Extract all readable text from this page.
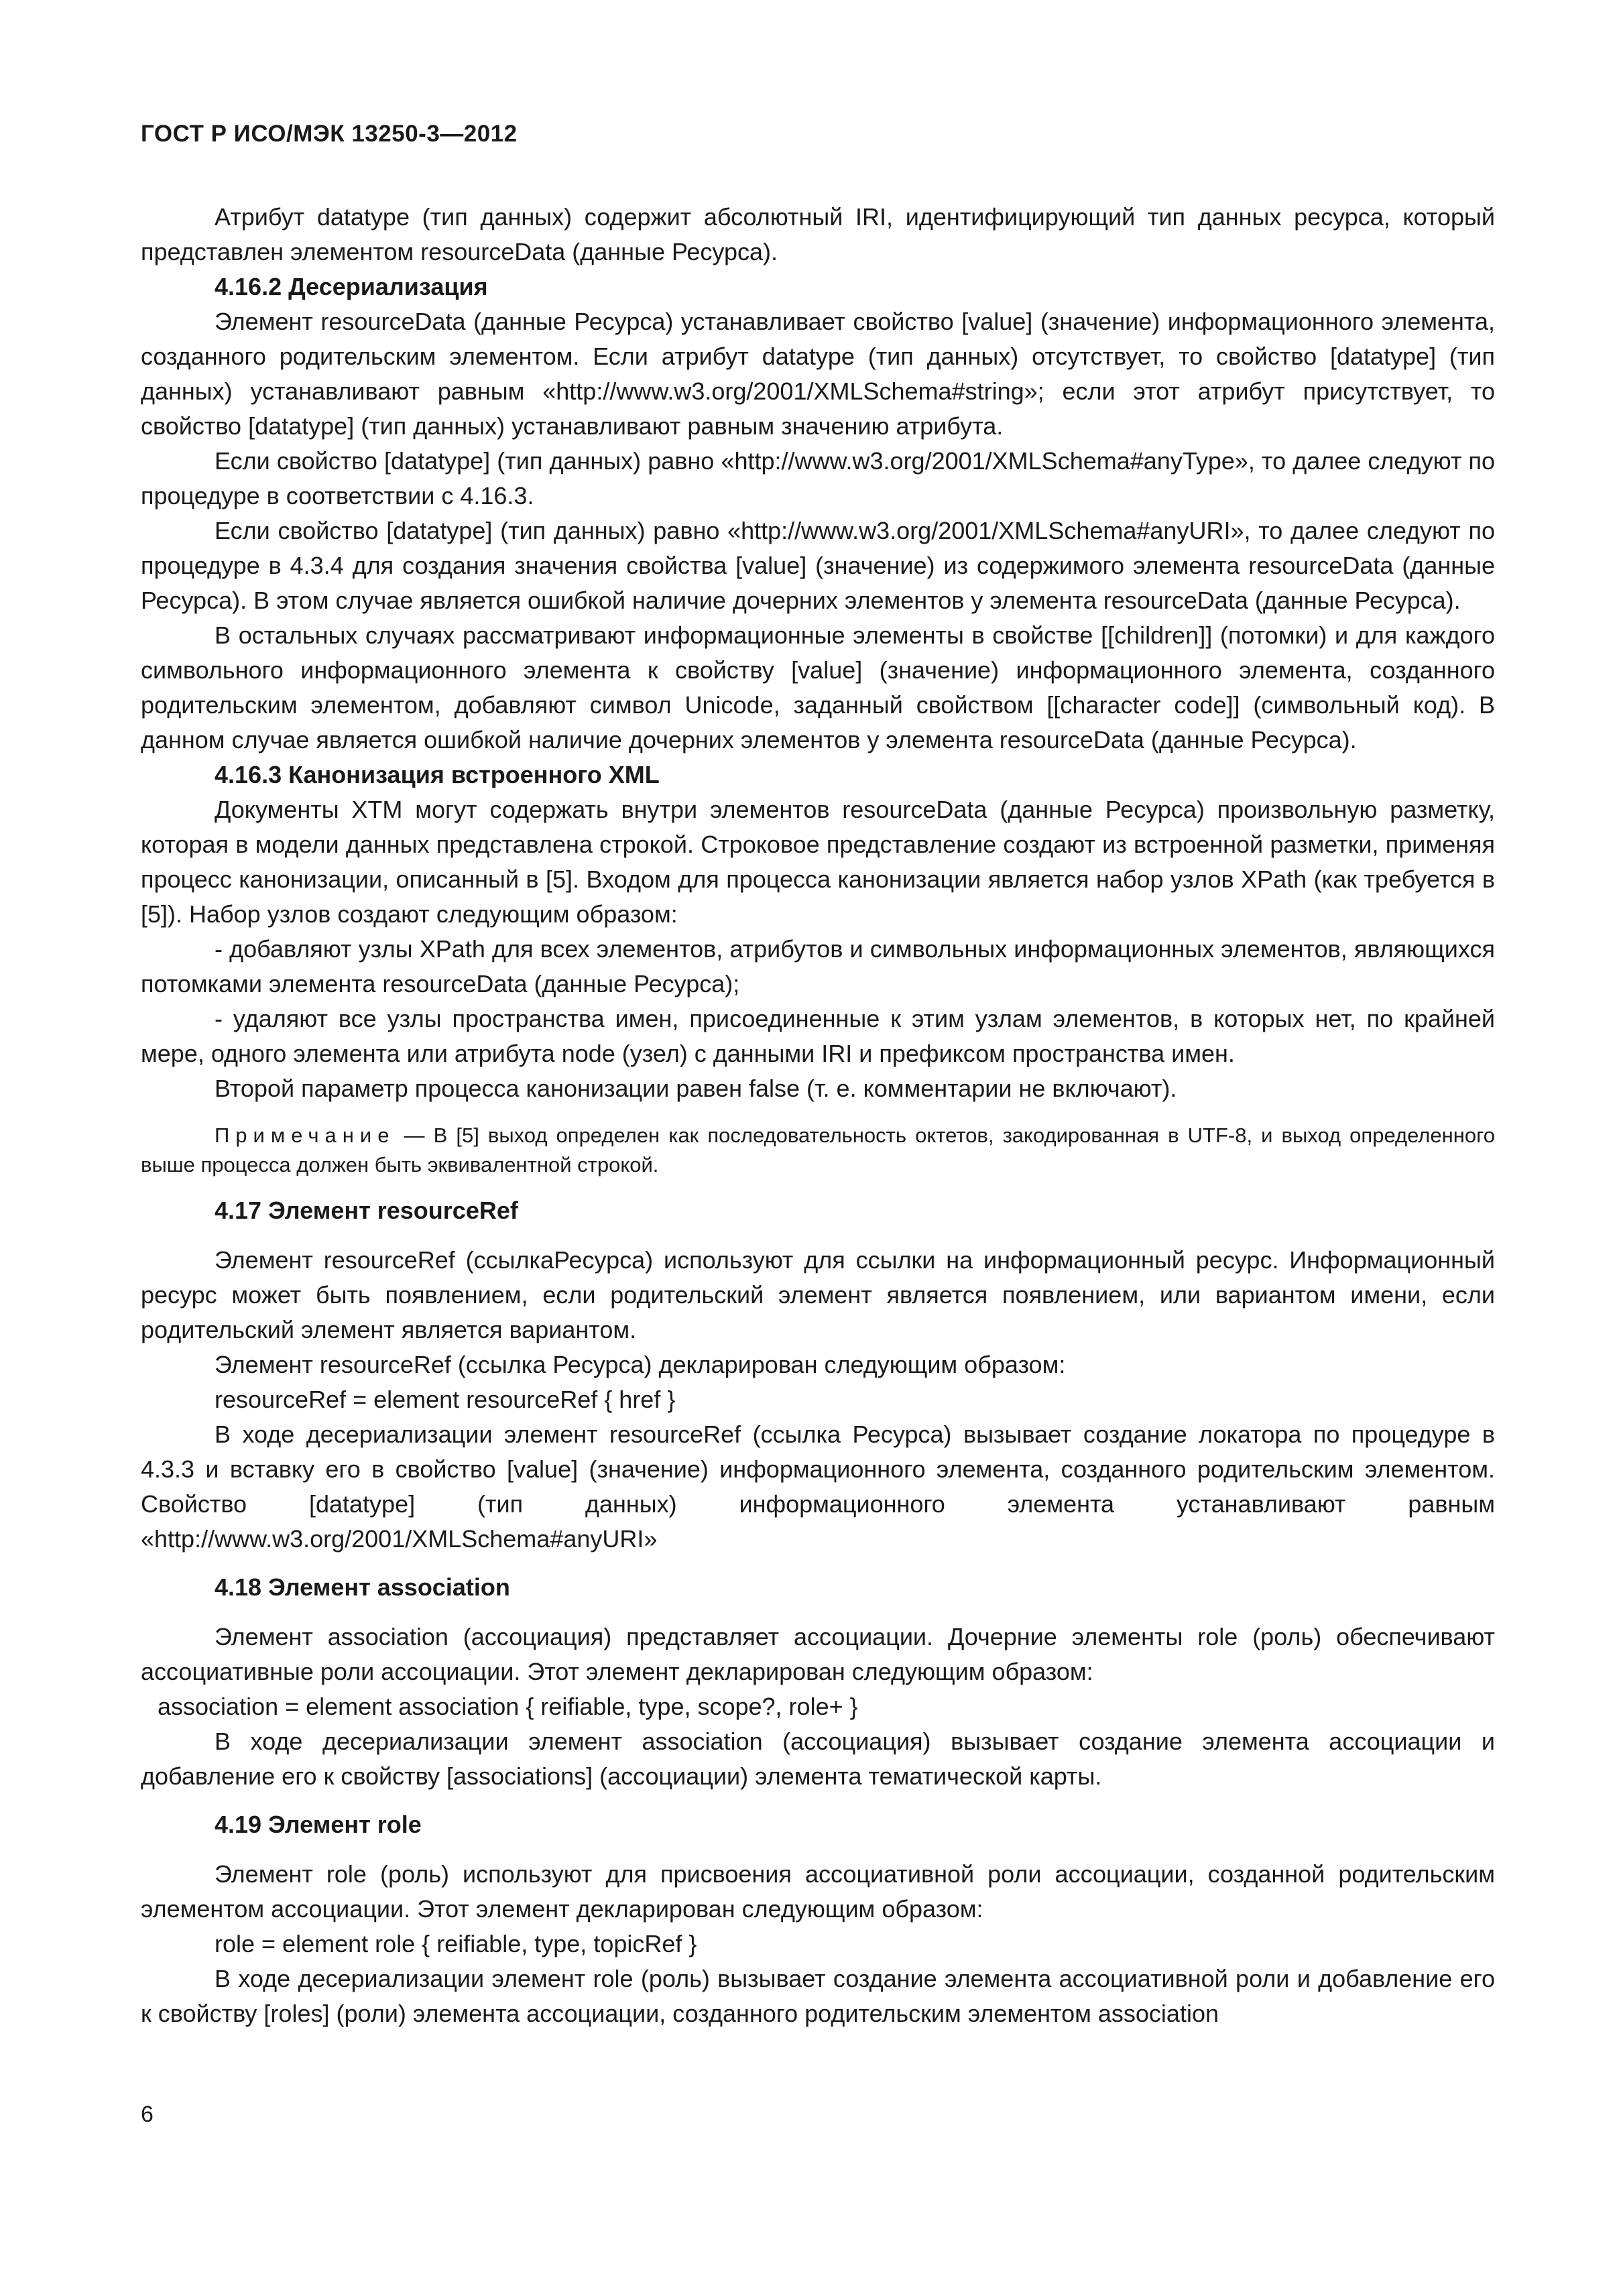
ГОСТ Р ИСО/МЭК 13250-3—2012

Атрибут datatype (тип данных) содержит абсолютный IRI, идентифицирующий тип данных ресурса, который представлен элементом resourceData (данные Ресурса).

4.16.2 Десериализация

Элемент resourceData (данные Ресурса) устанавливает свойство [value] (значение) информационного элемента, созданного родительским элементом. Если атрибут datatype (тип данных) отсутствует, то свойство [datatype] (тип данных) устанавливают равным «http://www.w3.org/2001/XMLSchema#string»; если этот атрибут присутствует, то свойство [datatype] (тип данных) устанавливают равным значению атрибута.

Если свойство [datatype] (тип данных) равно «http://www.w3.org/2001/XMLSchema#anyType», то далее следуют по процедуре в соответствии с 4.16.3.

Если свойство [datatype] (тип данных) равно «http://www.w3.org/2001/XMLSchema#anyURI», то далее следуют по процедуре в 4.3.4 для создания значения свойства [value] (значение) из содержимого элемента resourceData (данные Ресурса). В этом случае является ошибкой наличие дочерних элементов у элемента resourceData (данные Ресурса).

В остальных случаях рассматривают информационные элементы в свойстве [[children]] (потомки) и для каждого символьного информационного элемента к свойству [value] (значение) информационного элемента, созданного родительским элементом, добавляют символ Unicode, заданный свойством [[character code]] (символьный код). В данном случае является ошибкой наличие дочерних элементов у элемента resourceData (данные Ресурса).

4.16.3 Канонизация встроенного XML

Документы XTM могут содержать внутри элементов resourceData (данные Ресурса) произвольную разметку, которая в модели данных представлена строкой. Строковое представление создают из встроенной разметки, применяя процесс канонизации, описанный в [5]. Входом для процесса канонизации является набор узлов XPath (как требуется в [5]). Набор узлов создают следующим образом:

- добавляют узлы XPath для всех элементов, атрибутов и символьных информационных элементов, являющихся потомками элемента resourceData (данные Ресурса);

- удаляют все узлы пространства имен, присоединенные к этим узлам элементов, в которых нет, по крайней мере, одного элемента или атрибута node (узел) с данными IRI и префиксом пространства имен.

Второй параметр процесса канонизации равен false (т. е. комментарии не включают).

Примечание — В [5] выход определен как последовательность октетов, закодированная в UTF-8, и выход определенного выше процесса должен быть эквивалентной строкой.

4.17 Элемент resourceRef

Элемент resourceRef (ссылкаРесурса) используют для ссылки на информационный ресурс. Информационный ресурс может быть появлением, если родительский элемент является появлением, или вариантом имени, если родительский элемент является вариантом.

Элемент resourceRef (ссылка Ресурса) декларирован следующим образом:

resourceRef = element resourceRef { href }

В ходе десериализации элемент resourceRef (ссылка Ресурса) вызывает создание локатора по процедуре в 4.3.3 и вставку его в свойство [value] (значение) информационного элемента, созданного родительским элементом. Свойство [datatype] (тип данных) информационного элемента устанавливают равным «http://www.w3.org/2001/XMLSchema#anyURI»

4.18 Элемент association

Элемент association (ассоциация) представляет ассоциации. Дочерние элементы role (роль) обеспечивают ассоциативные роли ассоциации. Этот элемент декларирован следующим образом:

association = element association { reifiable, type, scope?, role+ }

В ходе десериализации элемент association (ассоциация) вызывает создание элемента ассоциации и добавление его к свойству [associations] (ассоциации) элемента тематической карты.

4.19 Элемент role

Элемент role (роль) используют для присвоения ассоциативной роли ассоциации, созданной родительским элементом ассоциации. Этот элемент декларирован следующим образом:

role = element role { reifiable, type, topicRef }

В ходе десериализации элемент role (роль) вызывает создание элемента ассоциативной роли и добавление его к свойству [roles] (роли) элемента ассоциации, созданного родительским элементом association

6
